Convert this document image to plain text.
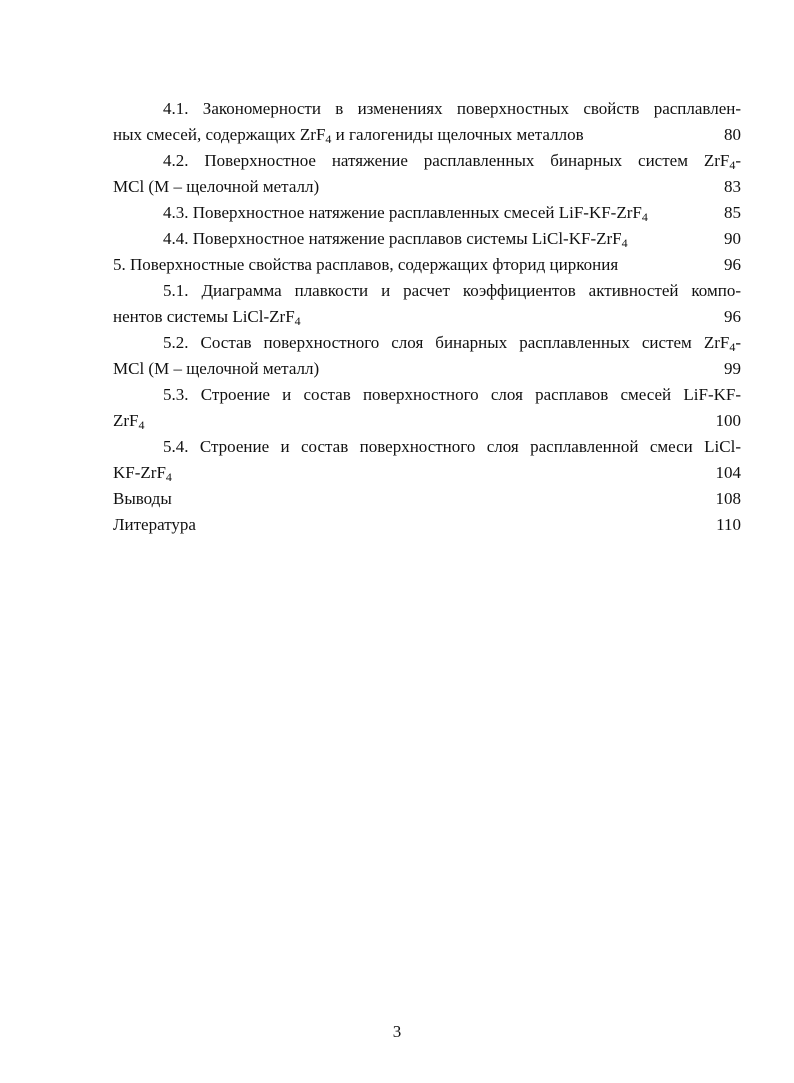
4.1. Закономерности в изменениях поверхностных свойств расплавлен-
ных смесей, содержащих ZrF$_4$ и галогениды щелочных металлов	80
4.2. Поверхностное натяжение расплавленных бинарных систем ZrF$_4$-
MCl (M – щелочной металл)	83
4.3. Поверхностное натяжение расплавленных смесей LiF-KF-ZrF$_4$	85
4.4. Поверхностное натяжение расплавов системы LiCl-KF-ZrF$_4$	90
5. Поверхностные свойства расплавов, содержащих фторид циркония	96
5.1. Диаграмма плавкости и расчет коэффициентов активностей компо-
нентов системы LiCl-ZrF$_4$	96
5.2. Состав поверхностного слоя бинарных расплавленных систем ZrF$_4$-
MCl (M – щелочной металл)	99
5.3. Строение и состав поверхностного слоя расплавов смесей LiF-KF-
ZrF$_4$	100
5.4. Строение и состав поверхностного слоя расплавленной смеси LiCl-
KF-ZrF$_4$	104
Выводы	108
Литература	110
3
